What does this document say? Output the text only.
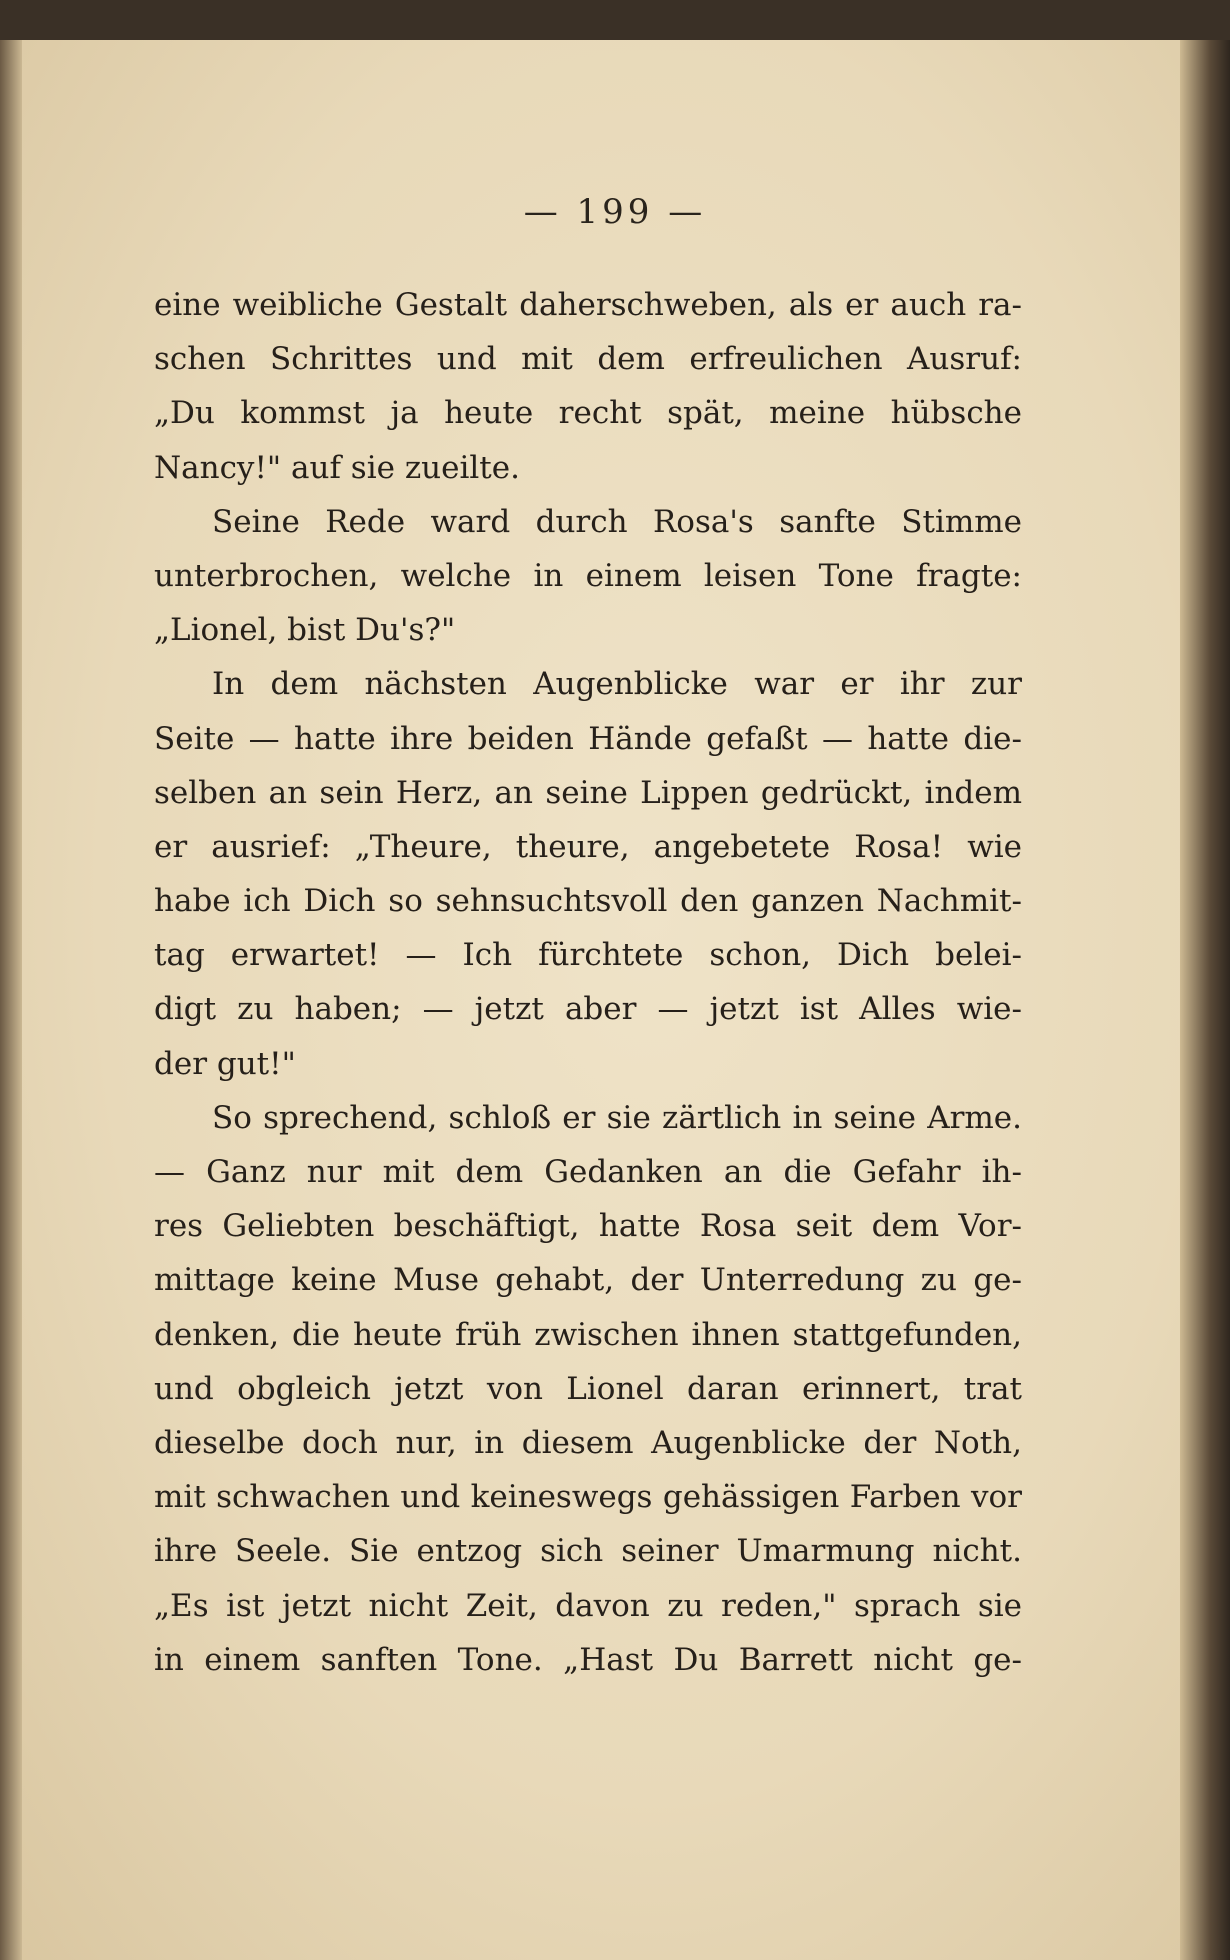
— 199 —
eine weibliche Gestalt daherschweben, als er auch ra-
schen Schrittes und mit dem erfreulichen Ausruf:
„Du kommst ja heute recht spät, meine hübsche
Nancy!" auf sie zueilte.
Seine Rede ward durch Rosa's sanfte Stimme
unterbrochen, welche in einem leisen Tone fragte:
„Lionel, bist Du's?"
In dem nächsten Augenblicke war er ihr zur
Seite — hatte ihre beiden Hände gefaßt — hatte die-
selben an sein Herz, an seine Lippen gedrückt, indem
er ausrief: „Theure, theure, angebetete Rosa! wie
habe ich Dich so sehnsuchtsvoll den ganzen Nachmit-
tag erwartet! — Ich fürchtete schon, Dich belei-
digt zu haben; — jetzt aber — jetzt ist Alles wie-
der gut!"
So sprechend, schloß er sie zärtlich in seine Arme.
— Ganz nur mit dem Gedanken an die Gefahr ih-
res Geliebten beschäftigt, hatte Rosa seit dem Vor-
mittage keine Muse gehabt, der Unterredung zu ge-
denken, die heute früh zwischen ihnen stattgefunden,
und obgleich jetzt von Lionel daran erinnert, trat
dieselbe doch nur, in diesem Augenblicke der Noth,
mit schwachen und keineswegs gehässigen Farben vor
ihre Seele. Sie entzog sich seiner Umarmung nicht.
„Es ist jetzt nicht Zeit, davon zu reden," sprach sie
in einem sanften Tone. „Hast Du Barrett nicht ge-
